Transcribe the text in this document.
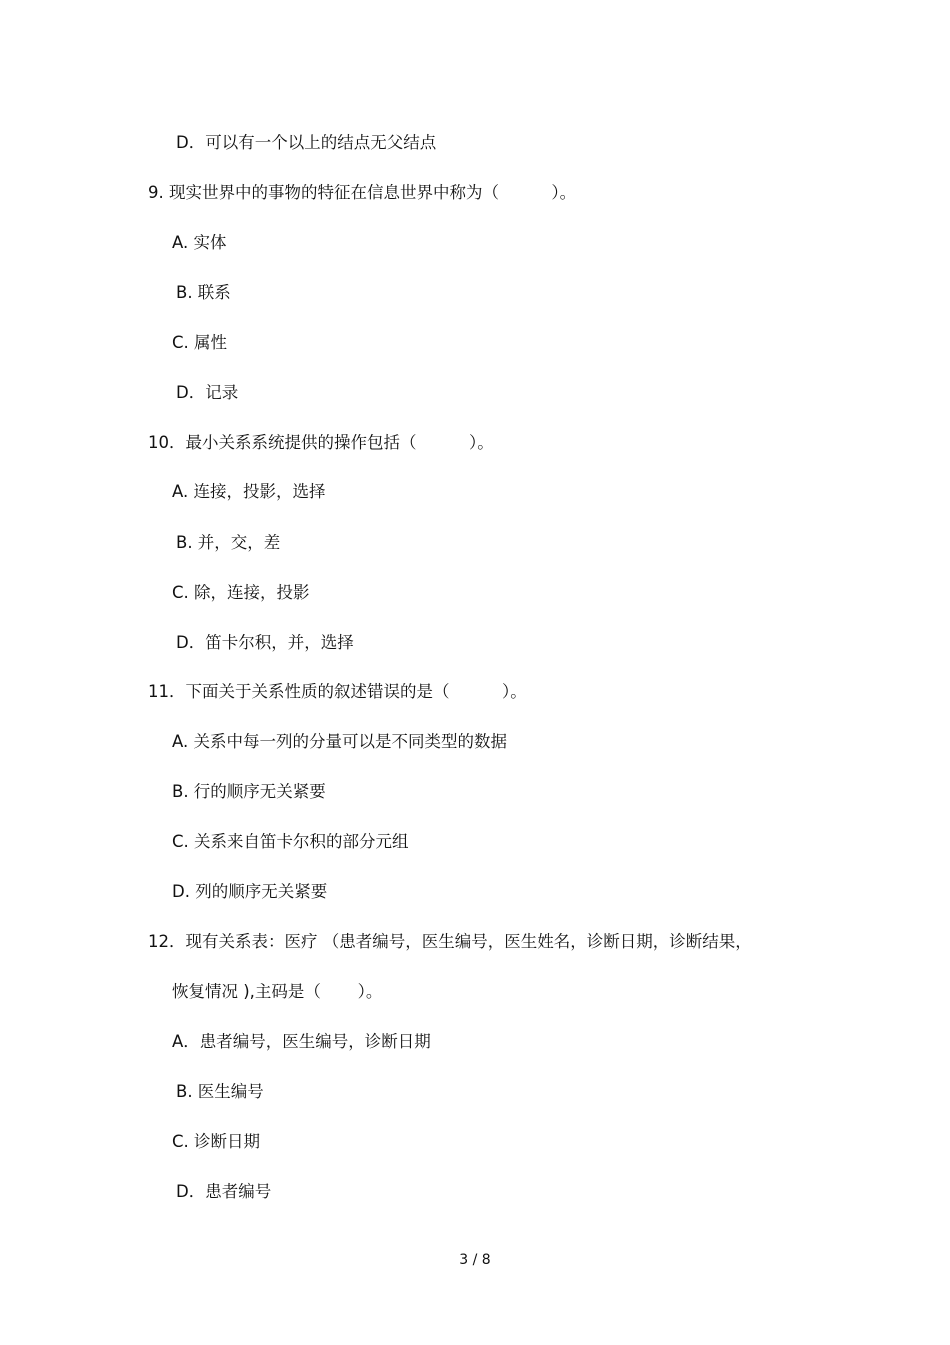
D．可以有一个以上的结点无父结点
9. 现实世界中的事物的特征在信息世界中称为（          ）。
A. 实体
B. 联系
C. 属性
D．记录
10．最小关系系统提供的操作包括（          ）。
A. 连接，投影，选择
B. 并，交，差
C. 除，连接，投影
D．笛卡尔积，并，选择
11．下面关于关系性质的叙述错误的是（          ）。
A. 关系中每一列的分量可以是不同类型的数据
B. 行的顺序无关紧要
C. 关系来自笛卡尔积的部分元组
D. 列的顺序无关紧要
12．现有关系表：医疗 （患者编号，医生编号，医生姓名，诊断日期，诊断结果，
恢复情况 ),主码是（       ）。
A．患者编号，医生编号，诊断日期
B. 医生编号
C. 诊断日期
D．患者编号
3 / 8
